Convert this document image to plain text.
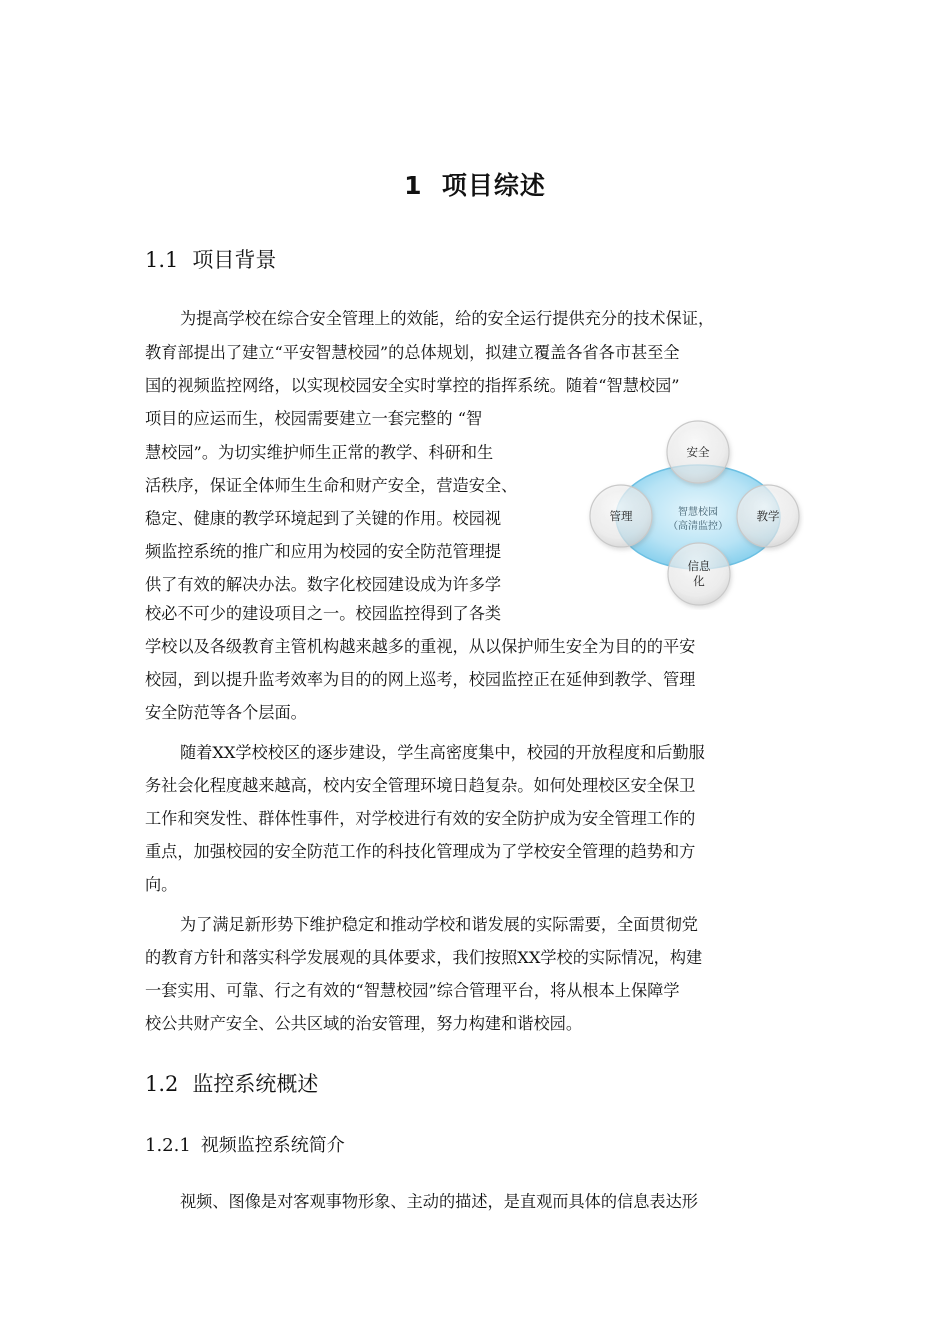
1 项目综述
1.1 项目背景
为提高学校在综合安全管理上的效能，给的安全运行提供充分的技术保证，
教育部提出了建立“平安智慧校园”的总体规划，拟建立覆盖各省各市甚至全
国的视频监控网络，以实现校园安全实时掌控的指挥系统。随着“智慧校园”
项目的应运而生，校园需要建立一套完整的 “智
慧校园”。为切实维护师生正常的教学、科研和生
活秩序，保证全体师生生命和财产安全，营造安全、
稳定、健康的教学环境起到了关键的作用。校园视
频监控系统的推广和应用为校园的安全防范管理提
供了有效的解决办法。数字化校园建设成为许多学
校必不可少的建设项目之一。校园监控得到了各类
学校以及各级教育主管机构越来越多的重视，从以保护师生安全为目的的平安
校园，到以提升监考效率为目的的网上巡考，校园监控正在延伸到教学、管理
安全防范等各个层面。
智慧校园
（高清监控）
安全
管理	教学
信息
化
随着XX学校校区的逐步建设，学生高密度集中，校园的开放程度和后勤服
务社会化程度越来越高，校内安全管理环境日趋复杂。如何处理校区安全保卫
工作和突发性、群体性事件，对学校进行有效的安全防护成为安全管理工作的
重点，加强校园的安全防范工作的科技化管理成为了学校安全管理的趋势和方
向。
为了满足新形势下维护稳定和推动学校和谐发展的实际需要，全面贯彻党
的教育方针和落实科学发展观的具体要求，我们按照XX学校的实际情况，构建
一套实用、可靠、行之有效的“智慧校园”综合管理平台，将从根本上保障学
校公共财产安全、公共区域的治安管理，努力构建和谐校园。
1.2 监控系统概述
1.2.1 视频监控系统简介
视频、图像是对客观事物形象、主动的描述，是直观而具体的信息表达形
